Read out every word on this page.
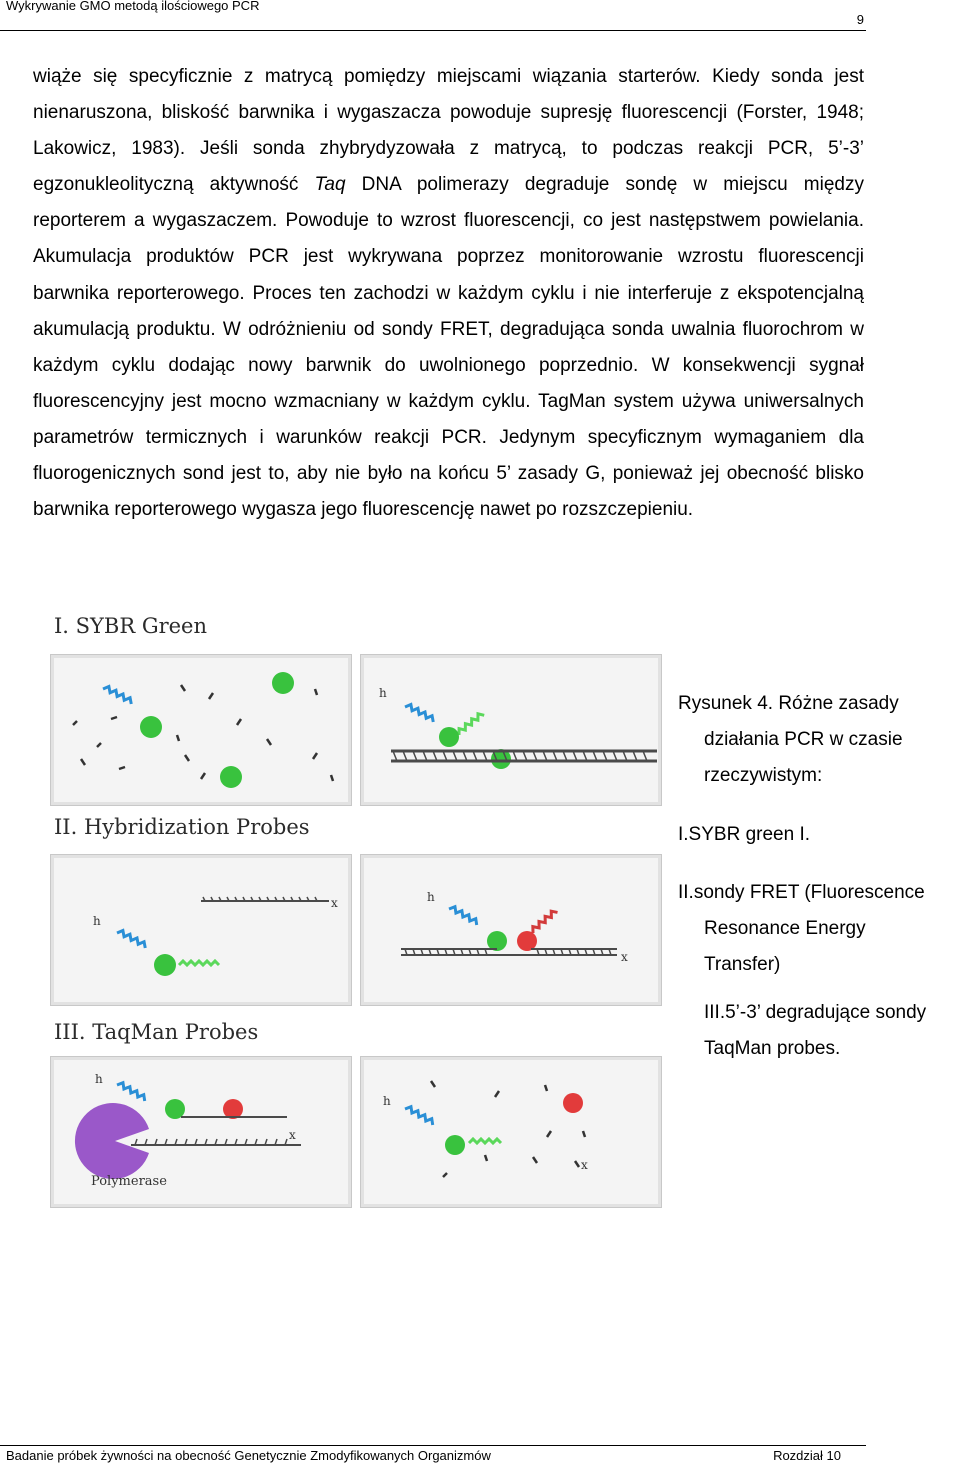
Wykrywanie GMO metodą ilościowego PCR
9

wiąże się specyficznie z matrycą pomiędzy miejscami wiązania starterów. Kiedy sonda jest nienaruszona, bliskość barwnika i wygaszacza powoduje supresję fluorescencji (Forster, 1948; Lakowicz, 1983). Jeśli sonda zhybrydyzowała z matrycą, to podczas reakcji PCR, 5’-3’ egzonukleolityczną aktywność Taq DNA polimerazy degraduje sondę w miejscu między reporterem a wygaszaczem. Powoduje to wzrost fluorescencji, co jest następstwem powielania. Akumulacja produktów PCR jest wykrywana poprzez monitorowanie wzrostu fluorescencji barwnika reporterowego. Proces ten zachodzi w każdym cyklu i nie interferuje z ekspotencjalną akumulacją produktu. W odróżnieniu od sondy FRET, degradująca sonda uwalnia fluorochrom w każdym cyklu dodając nowy barwnik do uwolnionego poprzednio. W konsekwencji sygnał fluorescencyjny jest mocno wzmacniany w każdym cyklu. TagMan system używa uniwersalnych parametrów termicznych i warunków reakcji PCR. Jedynym specyficznym wymaganiem dla fluorogenicznych sond jest to, aby nie było na końcu 5’ zasady G, ponieważ jej obecność blisko barwnika reporterowego wygasza jego fluorescencję nawet po rozszczepieniu.

I. SYBR Green
II. Hybridization Probes
III. TaqMan Probes
h
h
x	h
x
h
x
Polymerase
h
x
Rysunek 4. Różne zasady
działania PCR w czasie
rzeczywistym:
I.SYBR green I.
II.sondy FRET (Fluorescence
Resonance Energy
Transfer)
III.5’-3’ degradujące sondy
TaqMan probes.
Badanie próbek żywności na obecność Genetycznie Zmodyfikowanych Organizmów	Rozdział 10
